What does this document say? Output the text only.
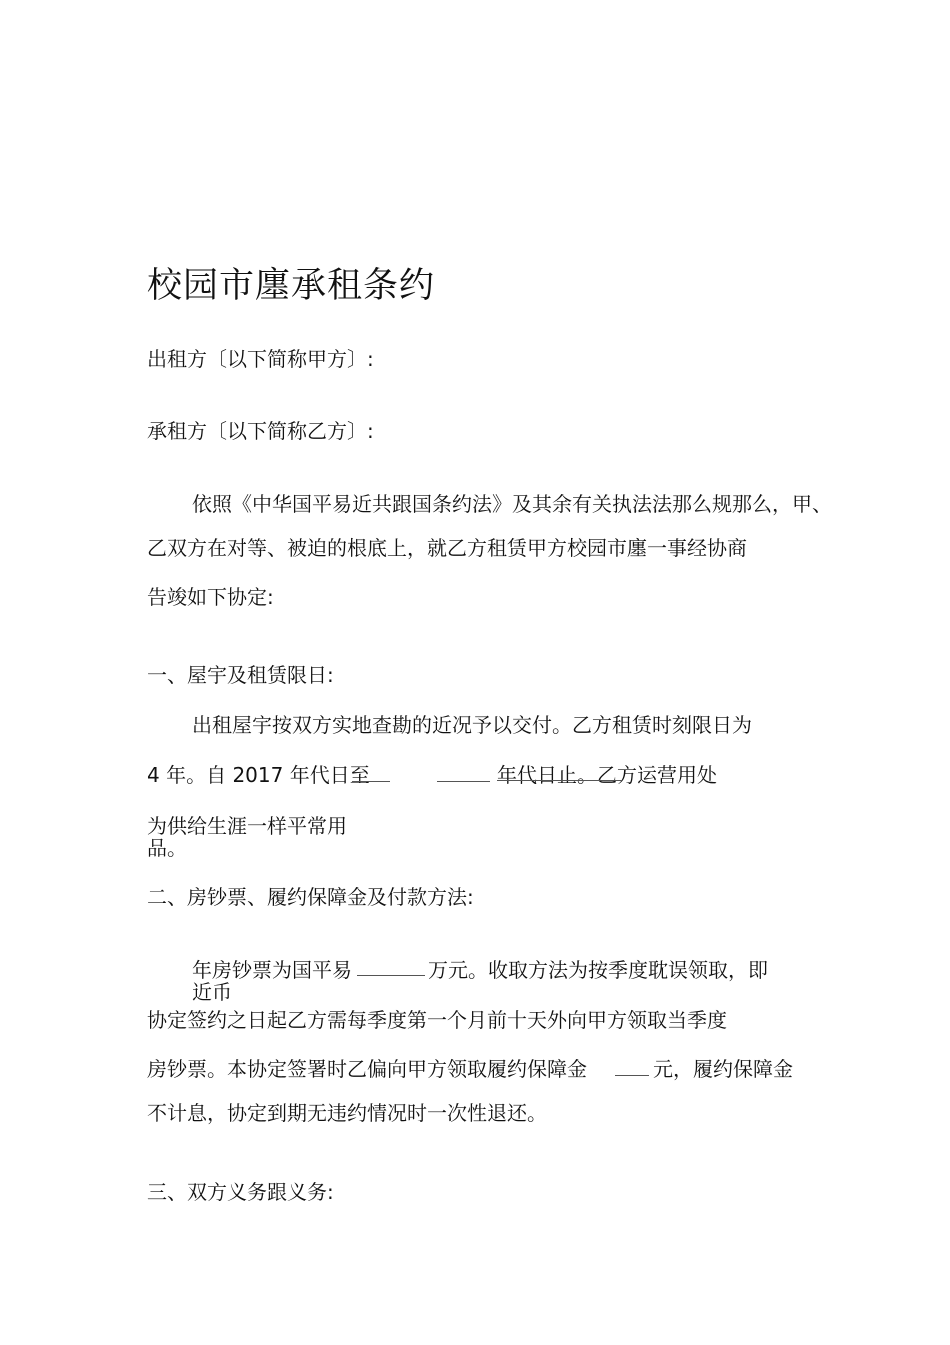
校园市廛承租条约
出租方〔以下简称甲方〕:
承租方〔以下简称乙方〕:
依照《中华国平易近共跟国条约法》及其余有关执法法那么规那么，甲、
乙双方在对等、被迫的根底上，就乙方租赁甲方校园市廛一事经协商
告竣如下协定:
一、屋宇及租赁限日:
出租屋宇按双方实地查勘的近况予以交付。乙方租赁时刻限日为
4 年。自 2017 年代日至	年代日止。乙方运营用处
为供给生涯一样平常用
品。
二、房钞票、履约保障金及付款方法:
年房钞票为国平易	万元。收取方法为按季度耽误领取，即
近币
协定签约之日起乙方需每季度第一个月前十天外向甲方领取当季度
房钞票。本协定签署时乙偏向甲方领取履约保障金	元，履约保障金
不计息，协定到期无违约情况时一次性退还。
三、双方义务跟义务:
